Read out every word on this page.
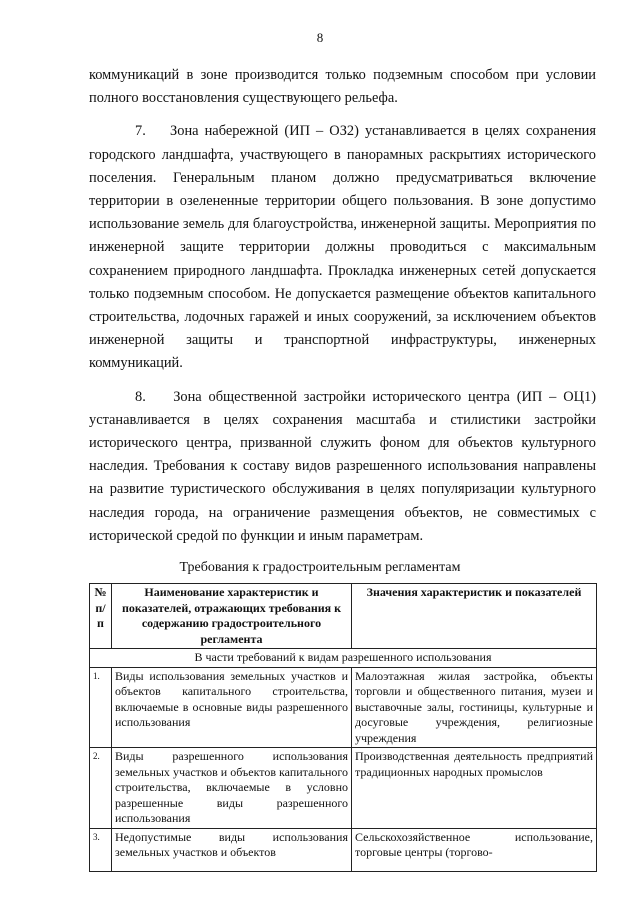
8

коммуникаций в зоне производится только подземным способом при условии полного восстановления существующего рельефа.

7.    Зона набережной (ИП – ОЗ2) устанавливается в целях сохранения городского ландшафта, участвующего в панорамных раскрытиях исторического поселения. Генеральным планом должно предусматриваться включение территории в озелененные территории общего пользования. В зоне допустимо использование земель для благоустройства, инженерной защиты. Мероприятия по инженерной защите территории должны проводиться с максимальным сохранением природного ландшафта. Прокладка инженерных сетей допускается только подземным способом. Не допускается размещение объектов капитального строительства, лодочных гаражей и иных сооружений, за исключением объектов инженерной защиты и транспортной инфраструктуры, инженерных коммуникаций.

8.    Зона общественной застройки исторического центра (ИП – ОЦ1) устанавливается в целях сохранения масштаба и стилистики застройки исторического центра, призванной служить фоном для объектов культурного наследия. Требования к составу видов разрешенного использования направлены на развитие туристического обслуживания в целях популяризации культурного наследия города, на ограничение размещения объектов, не совместимых с исторической средой по функции и иным параметрам.

Требования к градостроительным регламентам
№ п/п	Наименование характеристик и показателей, отражающих требования к содержанию градостроительного регламента	Значения характеристик и показателей
В части требований к видам разрешенного использования		
1.	Виды использования земельных участков и объектов капитального строительства, включаемые в основные виды разрешенного использования	Малоэтажная жилая застройка, объекты торговли и общественного питания, музеи и выставочные залы, гостиницы, культурные и досуговые учреждения, религиозные учреждения
2.	Виды разрешенного использования земельных участков и объектов капитального строительства, включаемые в условно разрешенные виды разрешенного использования	Производственная деятельность предприятий традиционных народных промыслов
3.	Недопустимые виды использования земельных участков и объектов	Сельскохозяйственное использование, торговые центры (торгово-
